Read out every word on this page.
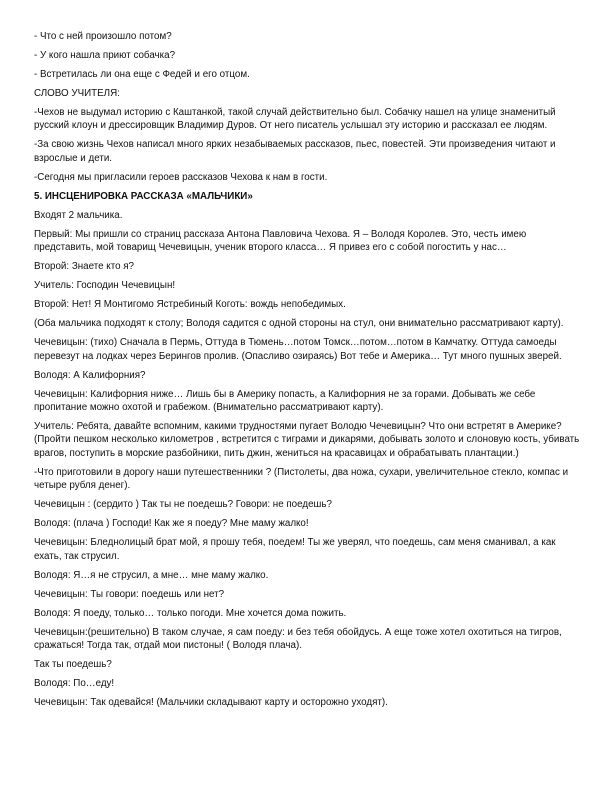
- Что с ней произошло потом?

- У кого нашла приют собачка?

- Встретилась ли она еще с Федей и его отцом.

СЛОВО УЧИТЕЛЯ:

-Чехов не выдумал историю с Каштанкой, такой случай действительно был. Собачку нашел на улице знаменитый русский клоун и дрессировщик Владимир Дуров. От него писатель услышал эту историю и рассказал ее людям.

-За свою жизнь Чехов написал много ярких незабываемых рассказов, пьес, повестей. Эти произведения читают и взрослые и дети.

-Сегодня мы пригласили героев рассказов Чехова к нам в гости.

5. ИНСЦЕНИРОВКА РАССКАЗА «МАЛЬЧИКИ»

Входят 2 мальчика.

Первый: Мы пришли со страниц рассказа Антона Павловича Чехова. Я – Володя Королев. Это, честь имею представить, мой товарищ Чечевицын, ученик второго класса… Я привез его с собой погостить у нас…

Второй: Знаете кто я?

Учитель: Господин Чечевицын!

Второй: Нет! Я Монтигомо Ястребиный Коготь: вождь непобедимых.

(Оба мальчика подходят к столу; Володя садится с одной стороны на стул, они внимательно рассматривают карту).

Чечевицын: (тихо) Сначала в Пермь, Оттуда в Тюмень…потом Томск…потом…потом в Камчатку. Оттуда самоеды перевезут на лодках через Берингов пролив. (Опасливо озираясь) Вот тебе и Америка… Тут много пушных зверей.

Володя: А Калифорния?

Чечевицын: Калифорния ниже… Лишь бы в Америку попасть, а Калифорния не за горами. Добывать же себе пропитание можно охотой и грабежом. (Внимательно рассматривают карту).

Учитель: Ребята, давайте вспомним, какими трудностями пугает Володю Чечевицын? Что они встретят в Америке? (Пройти пешком несколько километров , встретится с тиграми и дикарями, добывать золото и слоновую кость, убивать врагов, поступить в морские разбойники, пить джин, жениться на красавицах и обрабатывать плантации.)

-Что приготовили в дорогу наши путешественники ? (Пистолеты, два ножа, сухари, увеличительное стекло, компас и четыре рубля денег).

Чечевицын : (сердито ) Так ты не поедешь? Говори: не поедешь?

Володя: (плача ) Господи! Как же я поеду? Мне маму жалко!

Чечевицын: Бледнолицый брат мой, я прошу тебя, поедем! Ты же уверял, что поедешь, сам меня сманивал, а как ехать, так струсил.

Володя: Я…я не струсил, а мне… мне маму жалко.

Чечевицын: Ты говори: поедешь или нет?

Володя: Я поеду, только… только погоди. Мне хочется дома пожить.

Чечевицын:(решительно) В таком случае, я сам поеду: и без тебя обойдусь. А еще тоже хотел охотиться на тигров, сражаться! Тогда так, отдай мои пистоны! ( Володя плача).

Так ты поедешь?

Володя: По…еду!

Чечевицын: Так одевайся! (Мальчики складывают карту и осторожно уходят).
